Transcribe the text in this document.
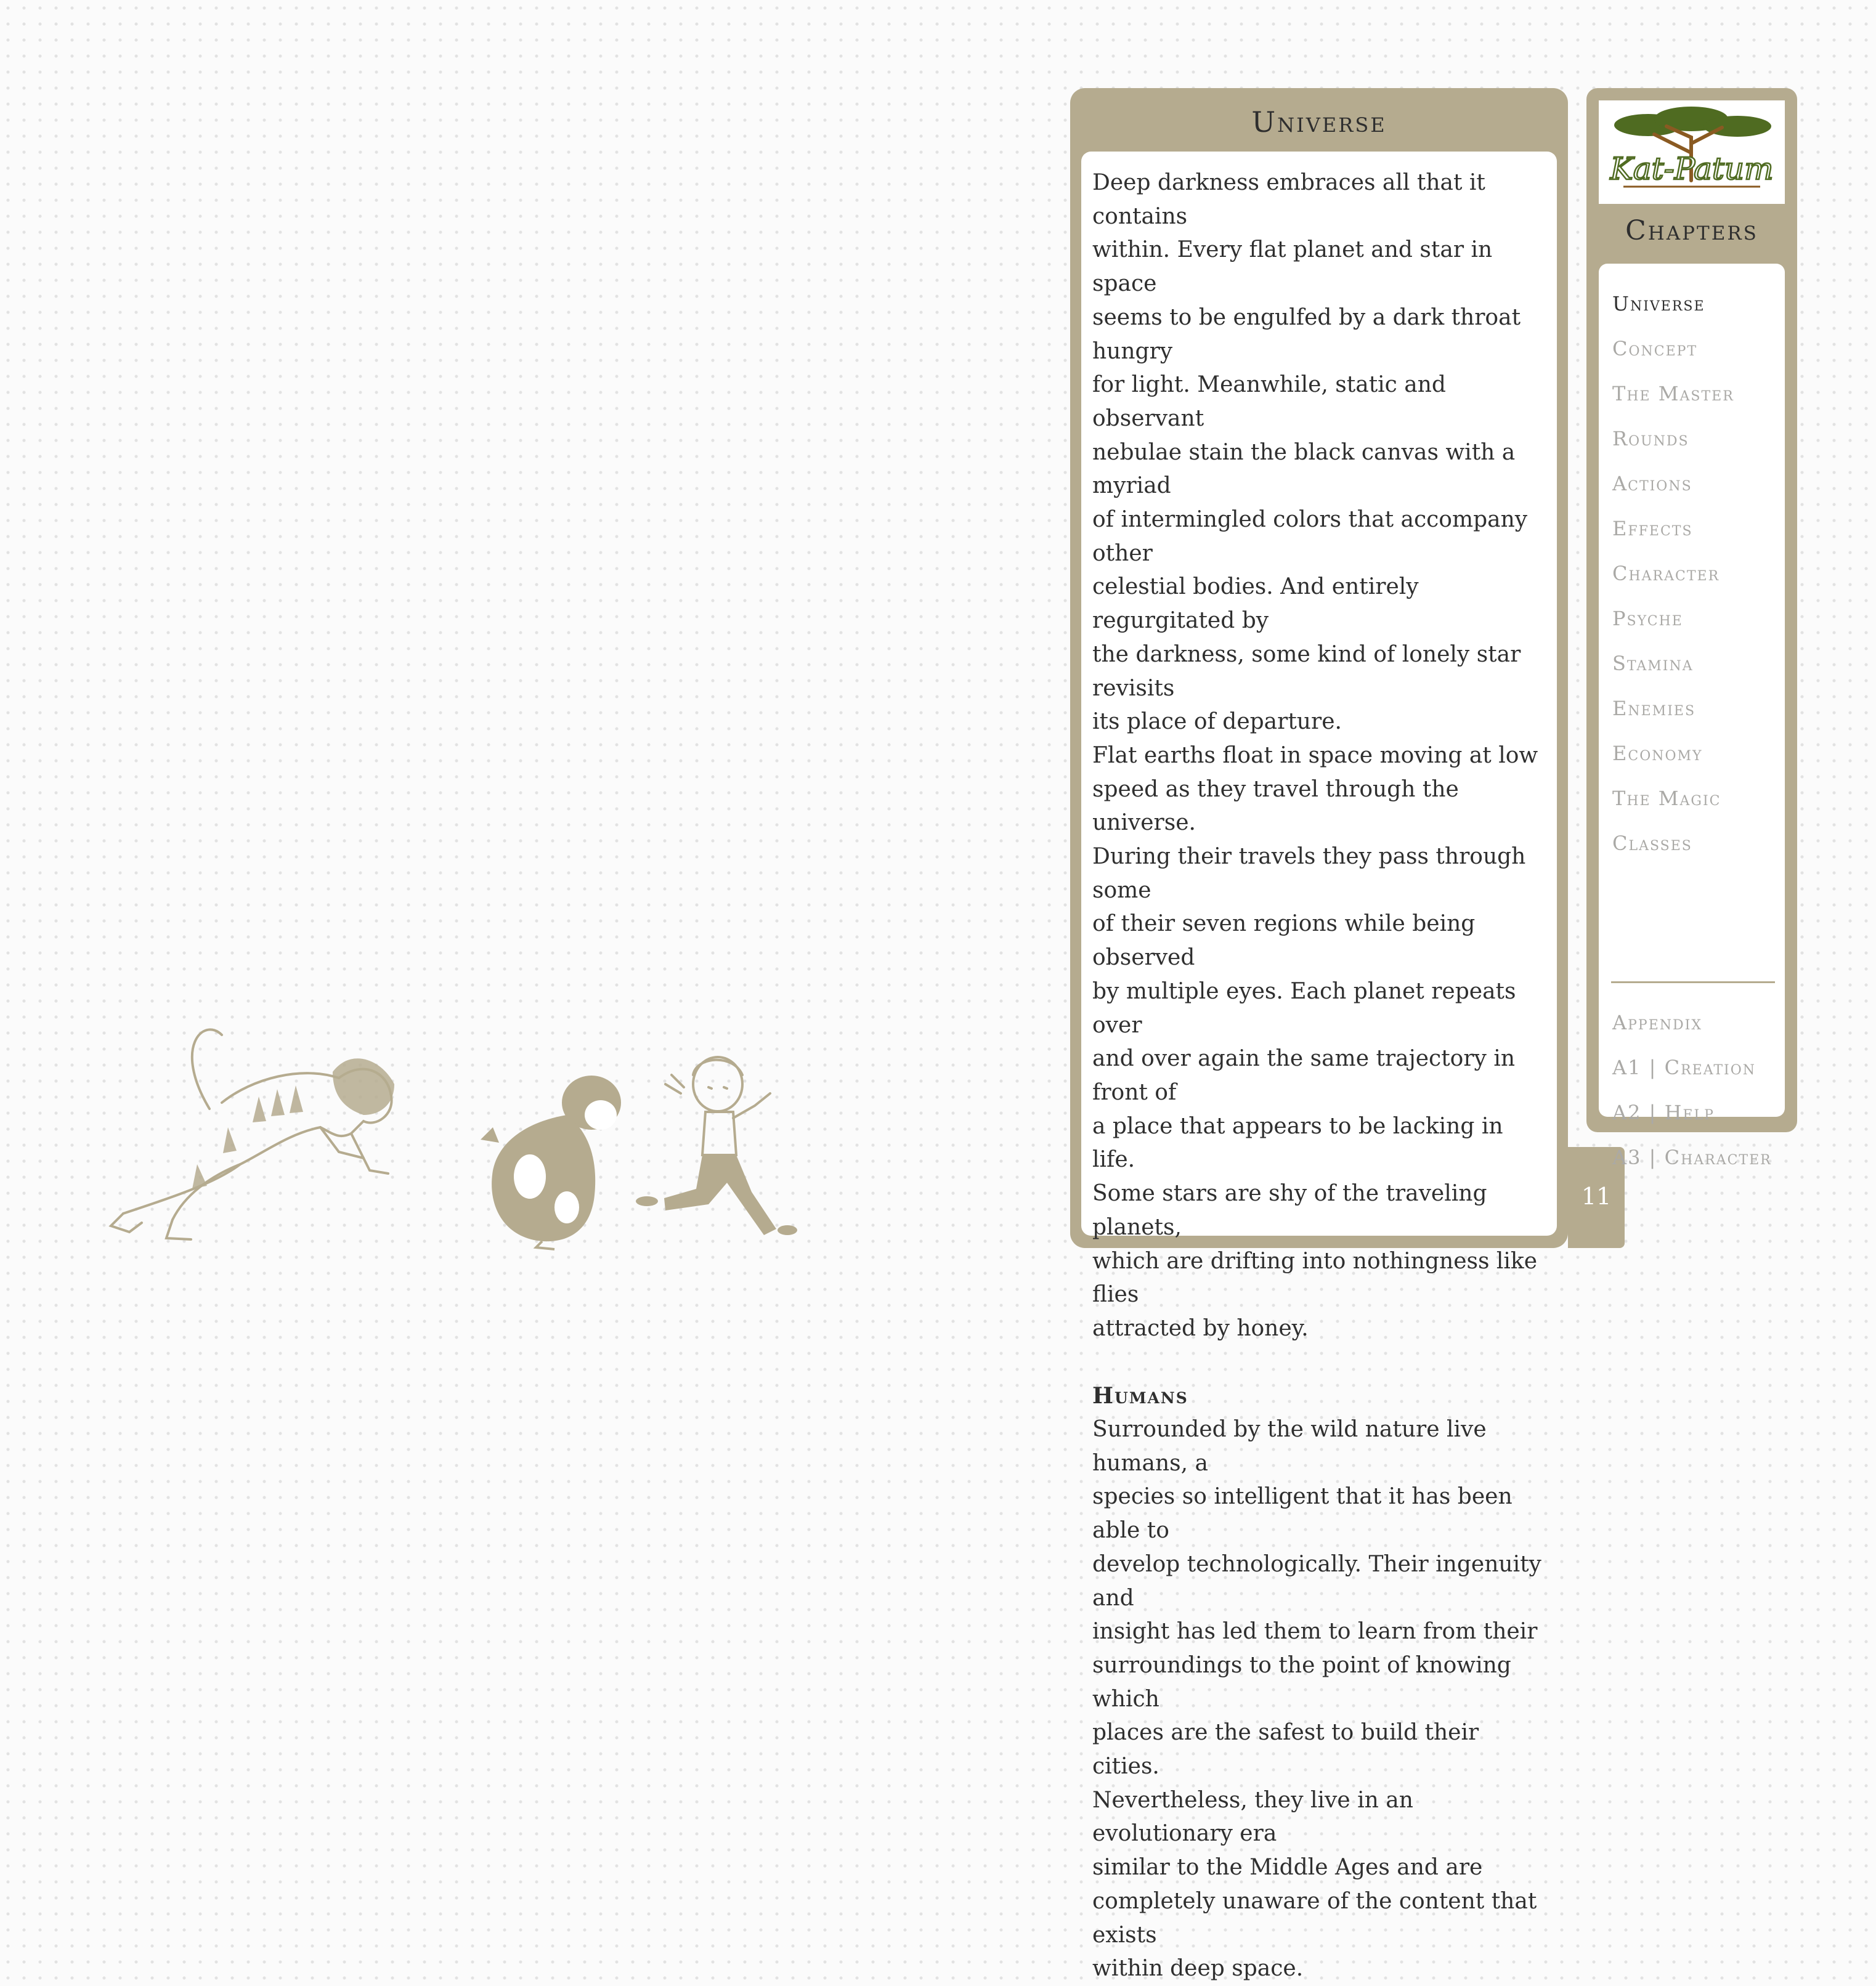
Universe

Deep darkness embraces all that it contains
within. Every flat planet and star in space
seems to be engulfed by a dark throat hungry
for light. Meanwhile, static and observant
nebulae stain the black canvas with a myriad
of intermingled colors that accompany other
celestial bodies. And entirely regurgitated by
the darkness, some kind of lonely star revisits
its place of departure.

Flat earths float in space moving at low
speed as they travel through the universe.
During their travels they pass through some
of their seven regions while being observed
by multiple eyes. Each planet repeats over
and over again the same trajectory in front of
a place that appears to be lacking in life.
Some stars are shy of the traveling planets,
which are drifting into nothingness like flies
attracted by honey.

Humans

Surrounded by the wild nature live humans, a
species so intelligent that it has been able to
develop technologically. Their ingenuity and
insight has led them to learn from their
surroundings to the point of knowing which
places are the safest to build their cities.
Nevertheless, they live in an evolutionary era
similar to the Middle Ages and are
completely unaware of the content that exists
within deep space.

11
Kat-Patum
Chapters
Universe
Concept
The Master
Rounds
Actions
Effects
Character
Psyche
Stamina
Enemies
Economy
The Magic
Classes
Appendix
A1 | Creation
A2 | Help
A3 | Character
